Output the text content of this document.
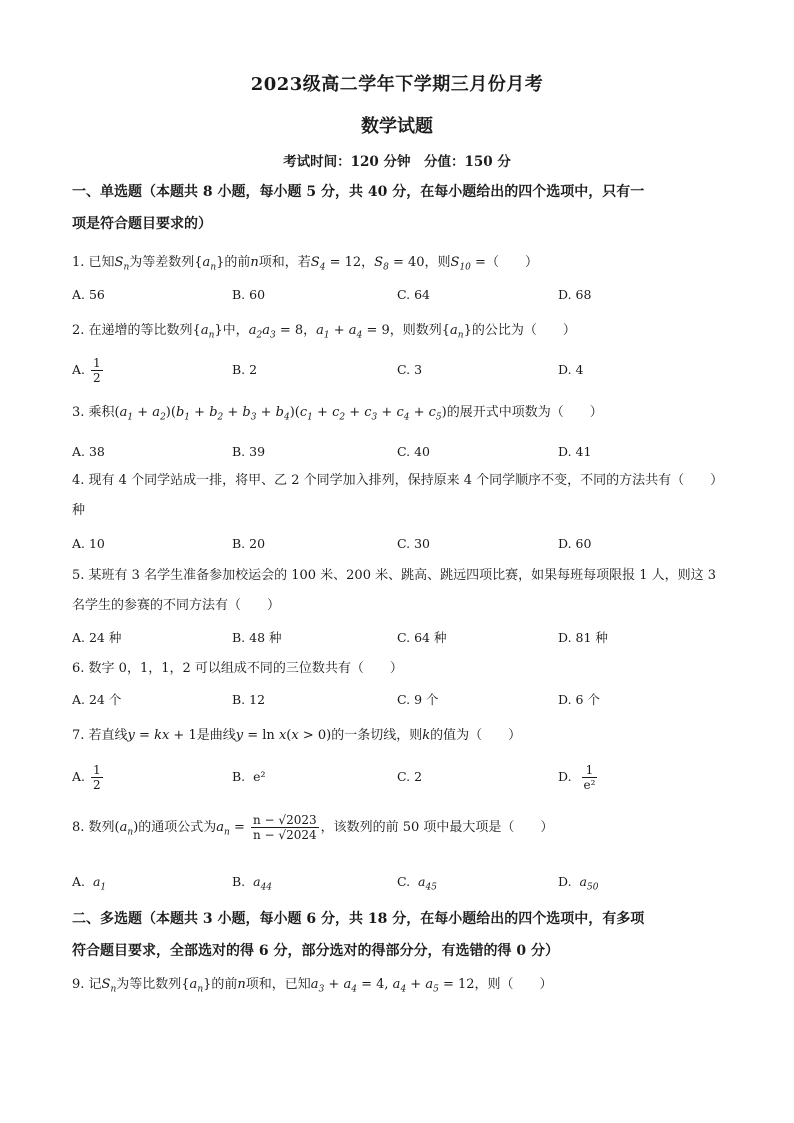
2023级高二学年下学期三月份月考
数学试题
考试时间：120 分钟　分值：150 分
一、单选题（本题共 8 小题，每小题 5 分，共 40 分，在每小题给出的四个选项中，只有一
项是符合题目要求的）
1. 已知$S_n$为等差数列$\{a_n\}$的前n项和，若$S_4 = 12$，$S_8 = 40$，则$S_{10}$ =（　　）
A. 56	B. 60	C. 64	D. 68
2. 在递增的等比数列$\{a_n\}$中，$a_2a_3 = 8$，$a_1 + a_4 = 9$，则数列$\{a_n\}$的公比为（　　）
A. $\frac{1}{2}$	B. 2	C. 3	D. 4
3. 乘积$(a_1 + a_2)(b_1 + b_2 + b_3 + b_4)(c_1 + c_2 + c_3 + c_4 + c_5)$的展开式中项数为（　　）
A. 38	B. 39	C. 40	D. 41
4. 现有 4 个同学站成一排，将甲、乙 2 个同学加入排列，保持原来 4 个同学顺序不变，不同的方法共有（　　）种
A. 10	B. 20	C. 30	D. 60
5. 某班有 3 名学生准备参加校运会的 100 米、200 米、跳高、跳远四项比赛，如果每班每项限报 1 人，则这 3 名学生的参赛的不同方法有（　　）
A. 24 种	B. 48 种	C. 64 种	D. 81 种
6. 数字 0，1，1，2 可以组成不同的三位数共有（　　）
A. 24 个	B. 12	C. 9 个	D. 6 个
7. 若直线y = kx + 1是曲线y = ln x(x > 0)的一条切线，则k的值为（　　）
A. $\frac{1}{2}$	B. e²	C. 2	D. $\frac{1}{\text{e²}}$
8. 数列$(a_n)$的通项公式为$a_n = \frac{n - √2023}{n - √2024}$ ，该数列的前 50 项中最大项是（　　）
A. $a_1$	B. $a_{44}$	C. $a_{45}$	D. $a_{50}$
二、多选题（本题共 3 小题，每小题 6 分，共 18 分，在每小题给出的四个选项中，有多项
符合题目要求，全部选对的得 6 分，部分选对的得部分分，有选错的得 0 分）
9. 记$S_n$为等比数列$\{a_n\}$的前n项和，已知$a_3 + a_4 = 4$, $a_4 + a_5 = 12$，则（　　）
